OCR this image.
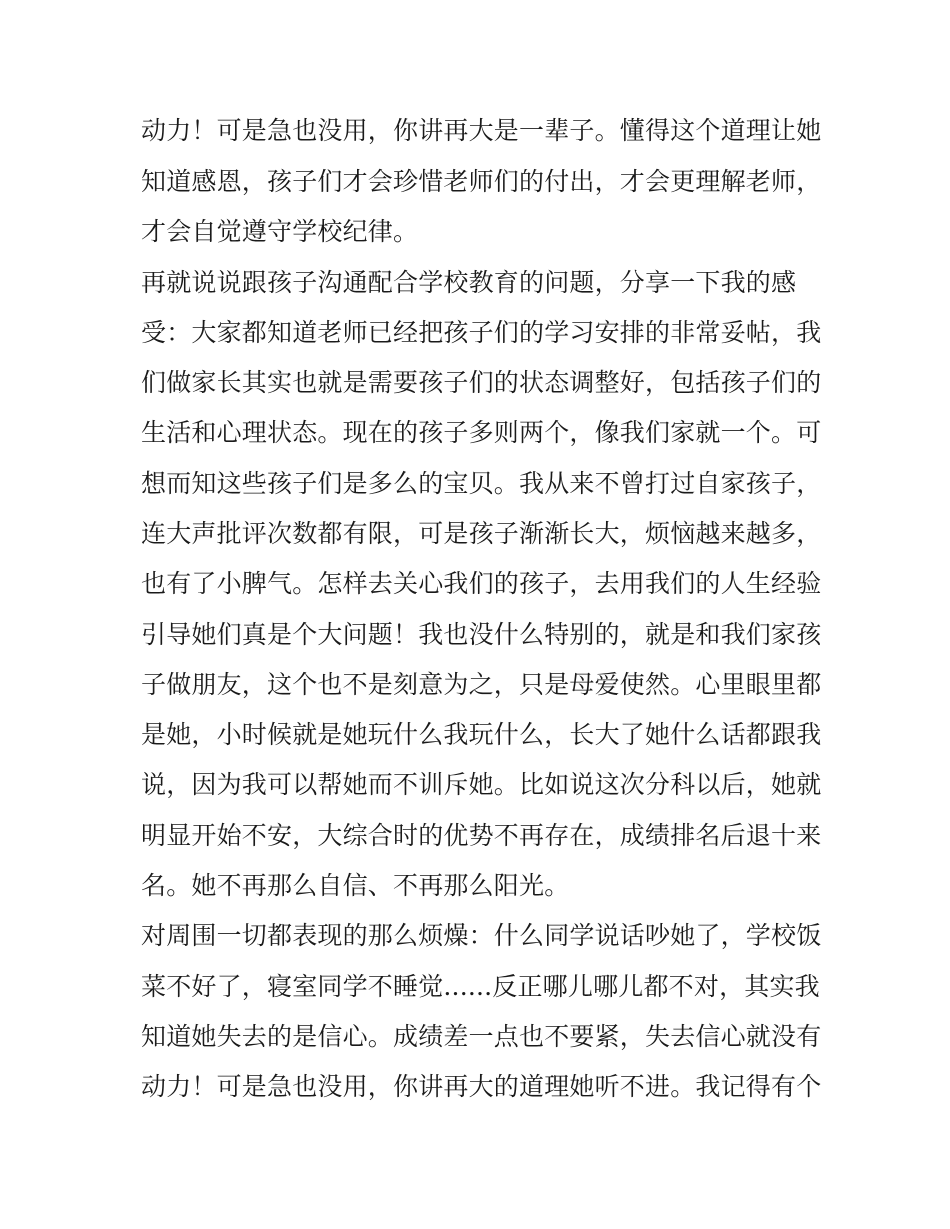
动力！可是急也没用，你讲再大是一辈子。懂得这个道理让她
知道感恩，孩子们才会珍惜老师们的付出，才会更理解老师，
才会自觉遵守学校纪律。
再就说说跟孩子沟通配合学校教育的问题，分享一下我的感
受：大家都知道老师已经把孩子们的学习安排的非常妥帖，我
们做家长其实也就是需要孩子们的状态调整好，包括孩子们的
生活和心理状态。现在的孩子多则两个，像我们家就一个。可
想而知这些孩子们是多么的宝贝。我从来不曾打过自家孩子，
连大声批评次数都有限，可是孩子渐渐长大，烦恼越来越多，
也有了小脾气。怎样去关心我们的孩子，去用我们的人生经验
引导她们真是个大问题！我也没什么特别的，就是和我们家孩
子做朋友，这个也不是刻意为之，只是母爱使然。心里眼里都
是她，小时候就是她玩什么我玩什么，长大了她什么话都跟我
说，因为我可以帮她而不训斥她。比如说这次分科以后，她就
明显开始不安，大综合时的优势不再存在，成绩排名后退十来
名。她不再那么自信、不再那么阳光。
对周围一切都表现的那么烦燥：什么同学说话吵她了，学校饭
菜不好了，寝室同学不睡觉......反正哪儿哪儿都不对，其实我
知道她失去的是信心。成绩差一点也不要紧，失去信心就没有
动力！可是急也没用，你讲再大的道理她听不进。我记得有个
